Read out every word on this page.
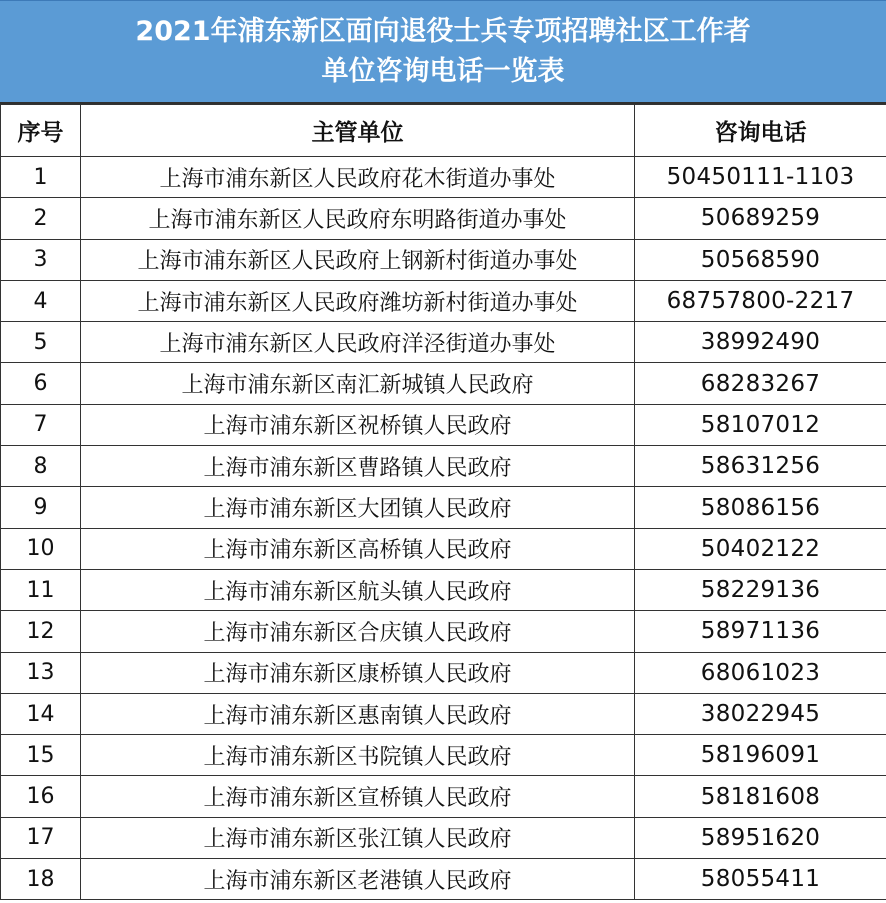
2021年浦东新区面向退役士兵专项招聘社区工作者
单位咨询电话一览表
序号	主管单位	咨询电话
1	上海市浦东新区人民政府花木街道办事处	50450111-1103
2	上海市浦东新区人民政府东明路街道办事处	50689259
3	上海市浦东新区人民政府上钢新村街道办事处	50568590
4	上海市浦东新区人民政府潍坊新村街道办事处	68757800-2217
5	上海市浦东新区人民政府洋泾街道办事处	38992490
6	上海市浦东新区南汇新城镇人民政府	68283267
7	上海市浦东新区祝桥镇人民政府	58107012
8	上海市浦东新区曹路镇人民政府	58631256
9	上海市浦东新区大团镇人民政府	58086156
10	上海市浦东新区高桥镇人民政府	50402122
11	上海市浦东新区航头镇人民政府	58229136
12	上海市浦东新区合庆镇人民政府	58971136
13	上海市浦东新区康桥镇人民政府	68061023
14	上海市浦东新区惠南镇人民政府	38022945
15	上海市浦东新区书院镇人民政府	58196091
16	上海市浦东新区宣桥镇人民政府	58181608
17	上海市浦东新区张江镇人民政府	58951620
18	上海市浦东新区老港镇人民政府	58055411
